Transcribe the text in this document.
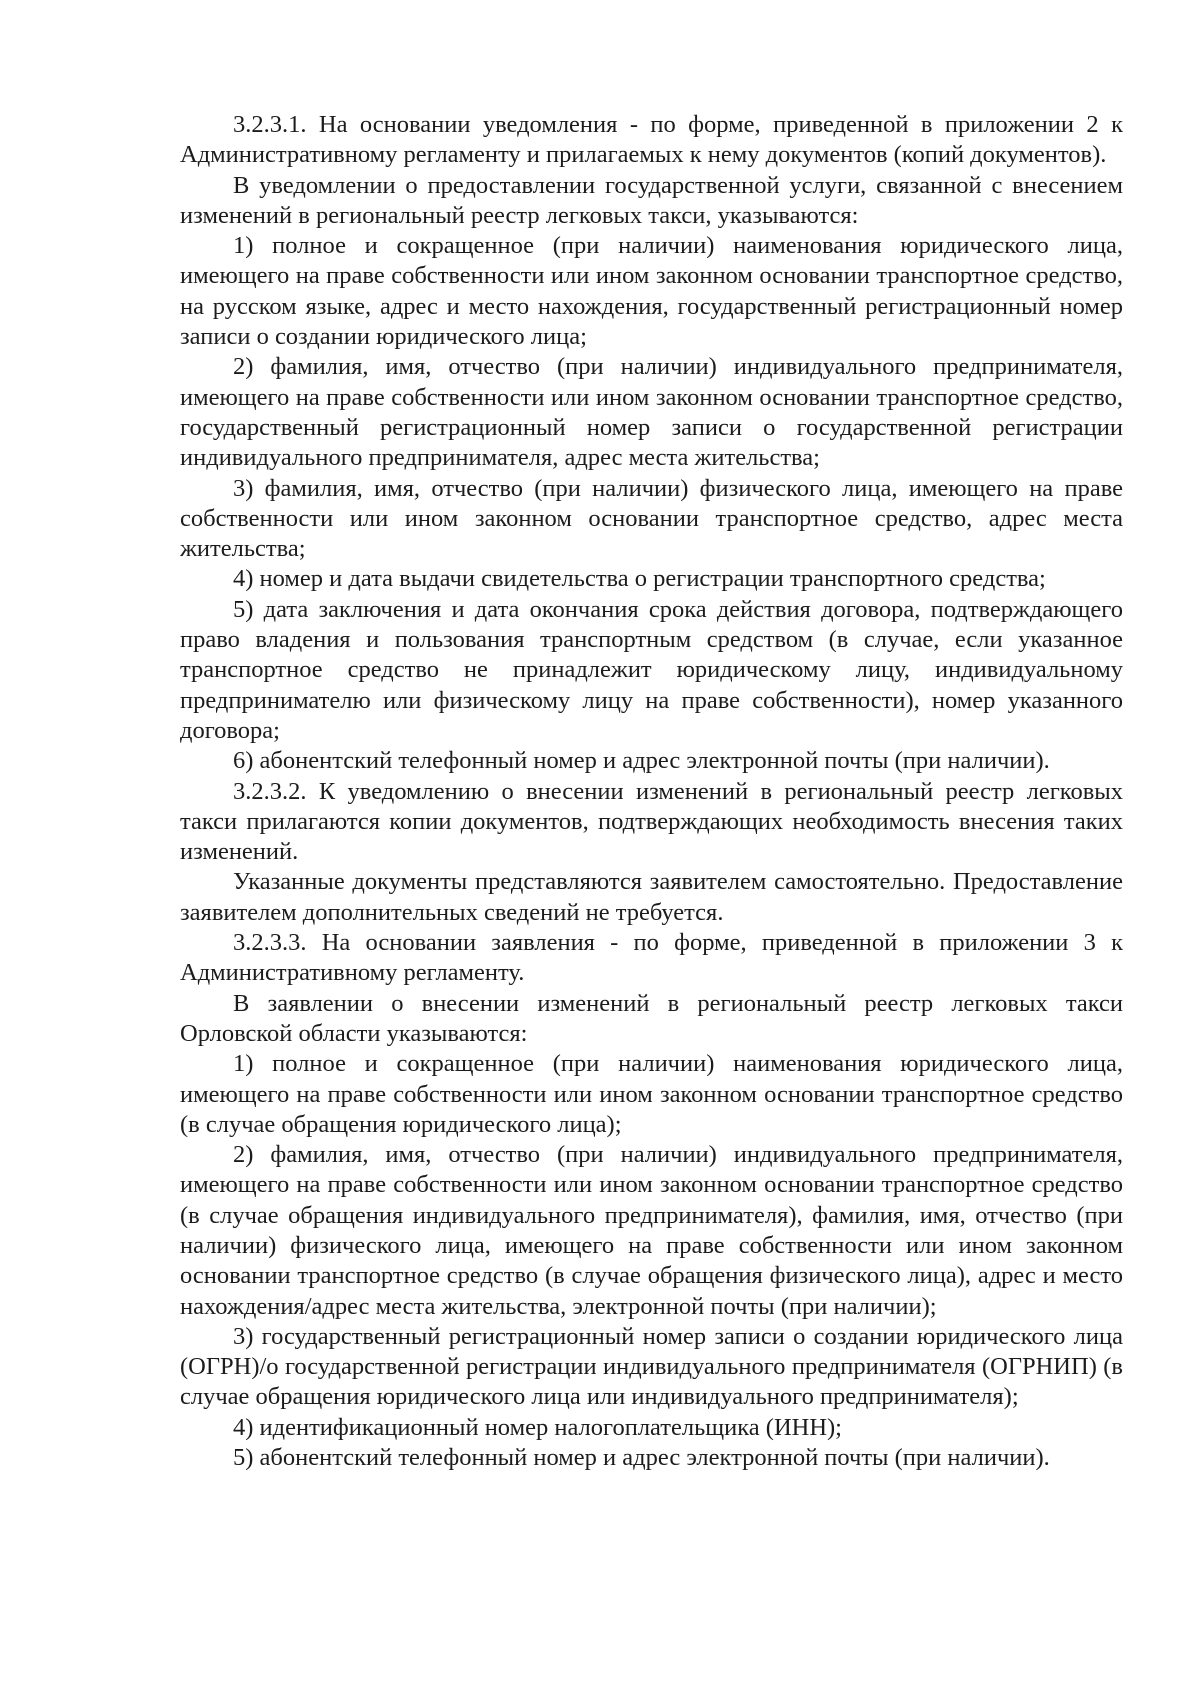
3.2.3.1. На основании уведомления - по форме, приведенной в приложении 2 к Административному регламенту и прилагаемых к нему документов (копий документов).

В уведомлении о предоставлении государственной услуги, связанной с внесением изменений в региональный реестр легковых такси, указываются:

1) полное и сокращенное (при наличии) наименования юридического лица, имеющего на праве собственности или ином законном основании транспортное средство, на русском языке, адрес и место нахождения, государственный регистрационный номер записи о создании юридического лица;

2) фамилия, имя, отчество (при наличии) индивидуального предпринимателя, имеющего на праве собственности или ином законном основании транспортное средство, государственный регистрационный номер записи о государственной регистрации индивидуального предпринимателя, адрес места жительства;

3) фамилия, имя, отчество (при наличии) физического лица, имеющего на праве собственности или ином законном основании транспортное средство, адрес места жительства;

4) номер и дата выдачи свидетельства о регистрации транспортного средства;

5) дата заключения и дата окончания срока действия договора, подтверждающего право владения и пользования транспортным средством (в случае, если указанное транспортное средство не принадлежит юридическому лицу, индивидуальному предпринимателю или физическому лицу на праве собственности), номер указанного договора;

6) абонентский телефонный номер и адрес электронной почты (при наличии).

3.2.3.2. К уведомлению о внесении изменений в региональный реестр легковых такси прилагаются копии документов, подтверждающих необходимость внесения таких изменений.

Указанные документы представляются заявителем самостоятельно. Предоставление заявителем дополнительных сведений не требуется.

3.2.3.3. На основании заявления - по форме, приведенной в приложении 3 к Административному регламенту.

В заявлении о внесении изменений в региональный реестр легковых такси Орловской области указываются:

1) полное и сокращенное (при наличии) наименования юридического лица, имеющего на праве собственности или ином законном основании транспортное средство (в случае обращения юридического лица);

2) фамилия, имя, отчество (при наличии) индивидуального предпринимателя, имеющего на праве собственности или ином законном основании транспортное средство (в случае обращения индивидуального предпринимателя), фамилия, имя, отчество (при наличии) физического лица, имеющего на праве собственности или ином законном основании транспортное средство (в случае обращения физического лица), адрес и место нахождения/адрес места жительства, электронной почты (при наличии);

3) государственный регистрационный номер записи о создании юридического лица (ОГРН)/о государственной регистрации индивидуального предпринимателя (ОГРНИП) (в случае обращения юридического лица или индивидуального предпринимателя);

4) идентификационный номер налогоплательщика (ИНН);

5) абонентский телефонный номер и адрес электронной почты (при наличии).
